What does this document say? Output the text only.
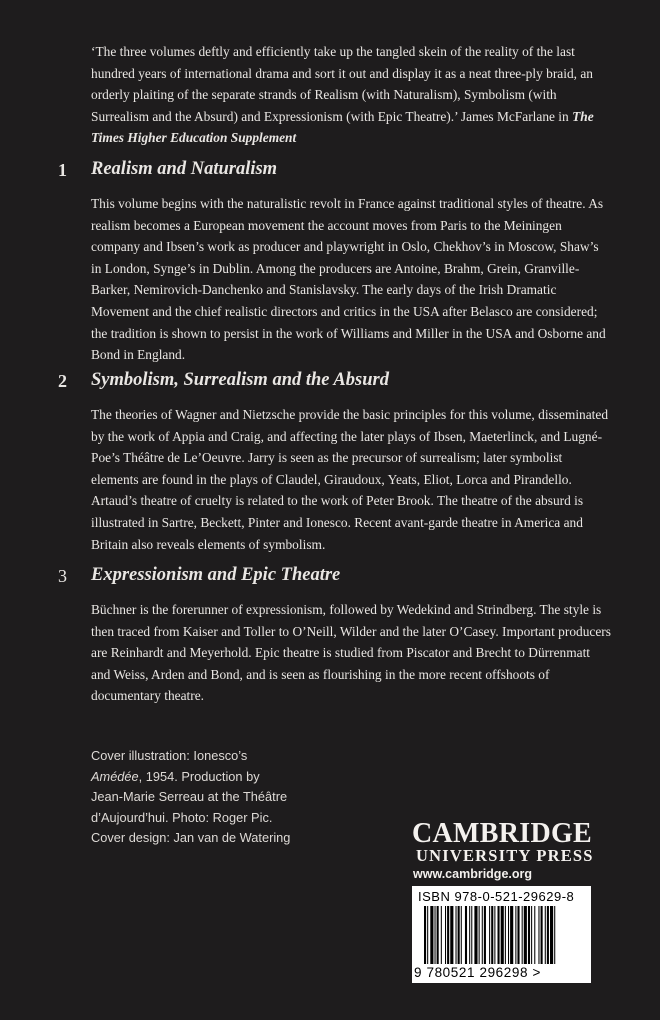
‘The three volumes deftly and efficiently take up the tangled skein of the reality of the last hundred years of international drama and sort it out and display it as a neat three-ply braid, an orderly plaiting of the separate strands of Realism (with Naturalism), Symbolism (with Surrealism and the Absurd) and Expressionism (with Epic Theatre).’ James McFarlane in The Times Higher Education Supplement

1 Realism and Naturalism

This volume begins with the naturalistic revolt in France against traditional styles of theatre. As realism becomes a European movement the account moves from Paris to the Meiningen company and Ibsen’s work as producer and playwright in Oslo, Chekhov’s in Moscow, Shaw’s in London, Synge’s in Dublin. Among the producers are Antoine, Brahm, Grein, Granville-Barker, Nemirovich-Danchenko and Stanislavsky. The early days of the Irish Dramatic Movement and the chief realistic directors and critics in the USA after Belasco are considered; the tradition is shown to persist in the work of Williams and Miller in the USA and Osborne and Bond in England.

2 Symbolism, Surrealism and the Absurd

The theories of Wagner and Nietzsche provide the basic principles for this volume, disseminated by the work of Appia and Craig, and affecting the later plays of Ibsen, Maeterlinck, and Lugné-Poe’s Théâtre de Le’Oeuvre. Jarry is seen as the precursor of surrealism; later symbolist elements are found in the plays of Claudel, Giraudoux, Yeats, Eliot, Lorca and Pirandello. Artaud’s theatre of cruelty is related to the work of Peter Brook. The theatre of the absurd is illustrated in Sartre, Beckett, Pinter and Ionesco. Recent avant-garde theatre in America and Britain also reveals elements of symbolism.

3 Expressionism and Epic Theatre

Büchner is the forerunner of expressionism, followed by Wedekind and Strindberg. The style is then traced from Kaiser and Toller to O’Neill, Wilder and the later O’Casey. Important producers are Reinhardt and Meyerhold. Epic theatre is studied from Piscator and Brecht to Dürrenmatt and Weiss, Arden and Bond, and is seen as flourishing in the more recent offshoots of documentary theatre.

Cover illustration: Ionesco’s Amédée, 1954. Production by Jean-Marie Serreau at the Théâtre d’Aujourd’hui. Photo: Roger Pic. Cover design: Jan van de Watering	CAMBRIDGE
UNIVERSITY PRESS
www.cambridge.org
ISBN 978-0-521-29629-8
9 780521 296298 >
